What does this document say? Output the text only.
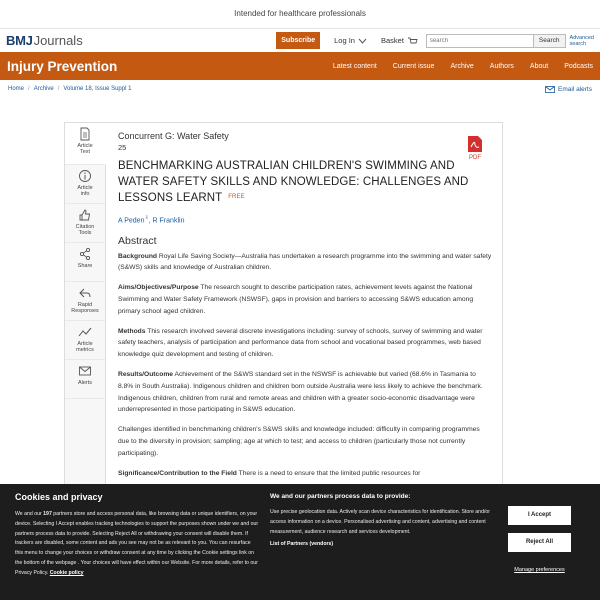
Intended for healthcare professionals
BMJ Journals	Subscribe	Log In	Basket
search	Search	Advanced
search
Injury Prevention	Latest content Current issue Archive Authors About Podcasts
Home / Archive / Volume 18, Issue Suppl 1	Email alerts
Article
Text
Article
info
Citation
Tools
Share
Rapid
Responses
Article
metrics
Alerts
PDF
Concurrent G: Water Safety
25
BENCHMARKING AUSTRALIAN CHILDREN'S SWIMMING AND WATER SAFETY SKILLS AND KNOWLEDGE: CHALLENGES AND LESSONS LEARNT FREE
A Peden⇩, R Franklin
Abstract
Background Royal Life Saving Society—Australia has undertaken a research programme into the swimming and water safety (S&WS) skills and knowledge of Australian children.
Aims/Objectives/Purpose The research sought to describe participation rates, achievement levels against the National Swimming and Water Safety Framework (NSWSF), gaps in provision and barriers to accessing S&WS education among primary school aged children.
Methods This research involved several discrete investigations including: survey of schools, survey of swimming and water safety teachers, analysis of participation and performance data from school and vocational based programmes, web based knowledge quiz development and testing of children.
Results/Outcome Achievement of the S&WS standard set in the NSWSF is achievable but varied (68.6% in Tasmania to 8.8% in South Australia). Indigenous children and children born outside Australia were less likely to achieve the benchmark. Indigenous children, children from rural and remote areas and children with a greater socio-economic disadvantage were underrepresented in those participating in S&WS education.
Challenges identified in benchmarking children's S&WS skills and knowledge included: difficulty in comparing programmes due to the diversity in provision; sampling; age at which to test; and access to children (particularly those not currently participating).
Significance/Contribution to the Field There is a need to ensure that the limited public resources for
Cookies and privacy
We and our 197 partners store and access personal data, like browsing data or unique identifiers, on your device. Selecting I Accept enables tracking technologies to support the purposes shown under we and our partners process data to provide. Selecting Reject All or withdrawing your consent will disable them. If trackers are disabled, some content and ads you see may not be as relevant to you. You can resurface this menu to change your choices or withdraw consent at any time by clicking the Cookie settings link on the bottom of the webpage . Your choices will have effect within our Website. For more details, refer to our Privacy Policy. Cookie policy
We and our partners process data to provide:
Use precise geolocation data. Actively scan device characteristics for identification. Store and/or access information on a device. Personalised advertising and content, advertising and content measurement, audience research and services development.
List of Partners (vendors)
I Accept
Reject All
Manage preferences
